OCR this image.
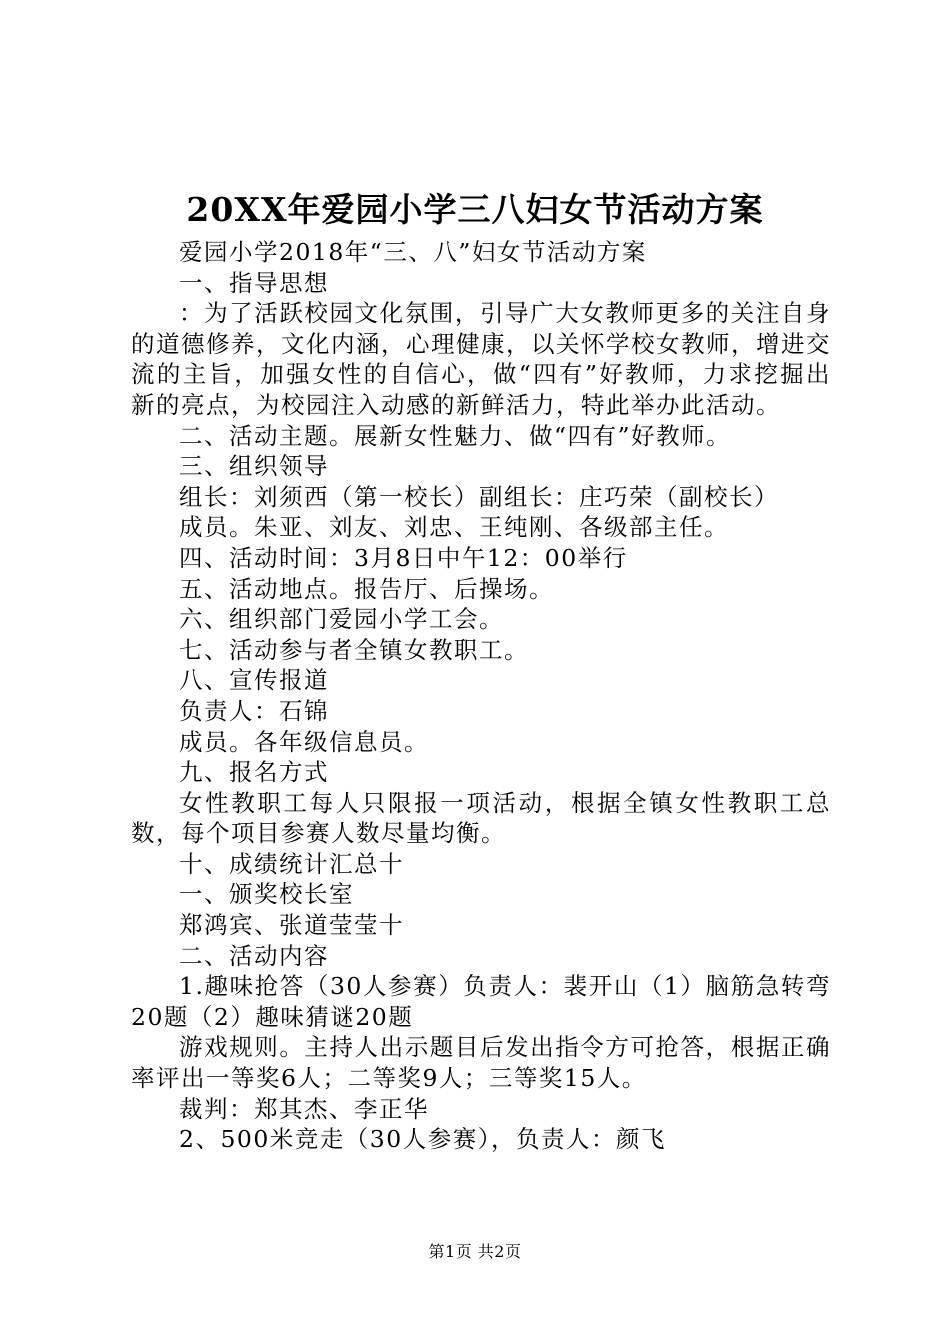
20XX年爱园小学三八妇女节活动方案

爱园小学2018年“三、八”妇女节活动方案

一、指导思想

：为了活跃校园文化氛围，引导广大女教师更多的关注自身的道德修养，文化内涵，心理健康，以关怀学校女教师，增进交流的主旨，加强女性的自信心，做“四有”好教师，力求挖掘出新的亮点，为校园注入动感的新鲜活力，特此举办此活动。

二、活动主题。展新女性魅力、做“四有”好教师。

三、组织领导

组长：刘须西（第一校长）副组长：庄巧荣（副校长）

成员。朱亚、刘友、刘忠、王纯刚、各级部主任。

四、活动时间：3月8日中午12：00举行

五、活动地点。报告厅、后操场。

六、组织部门爱园小学工会。

七、活动参与者全镇女教职工。

八、宣传报道

负责人：石锦

成员。各年级信息员。

九、报名方式

女性教职工每人只限报一项活动，根据全镇女性教职工总数，每个项目参赛人数尽量均衡。

十、成绩统计汇总十

一、颁奖校长室

郑鸿宾、张道莹莹十

二、活动内容

1.趣味抢答（30人参赛）负责人：裴开山（1）脑筋急转弯20题（2）趣味猜谜20题

游戏规则。主持人出示题目后发出指令方可抢答，根据正确率评出一等奖6人；二等奖9人；三等奖15人。

裁判：郑其杰、李正华

2、500米竞走（30人参赛），负责人：颜飞

第1页 共2页
